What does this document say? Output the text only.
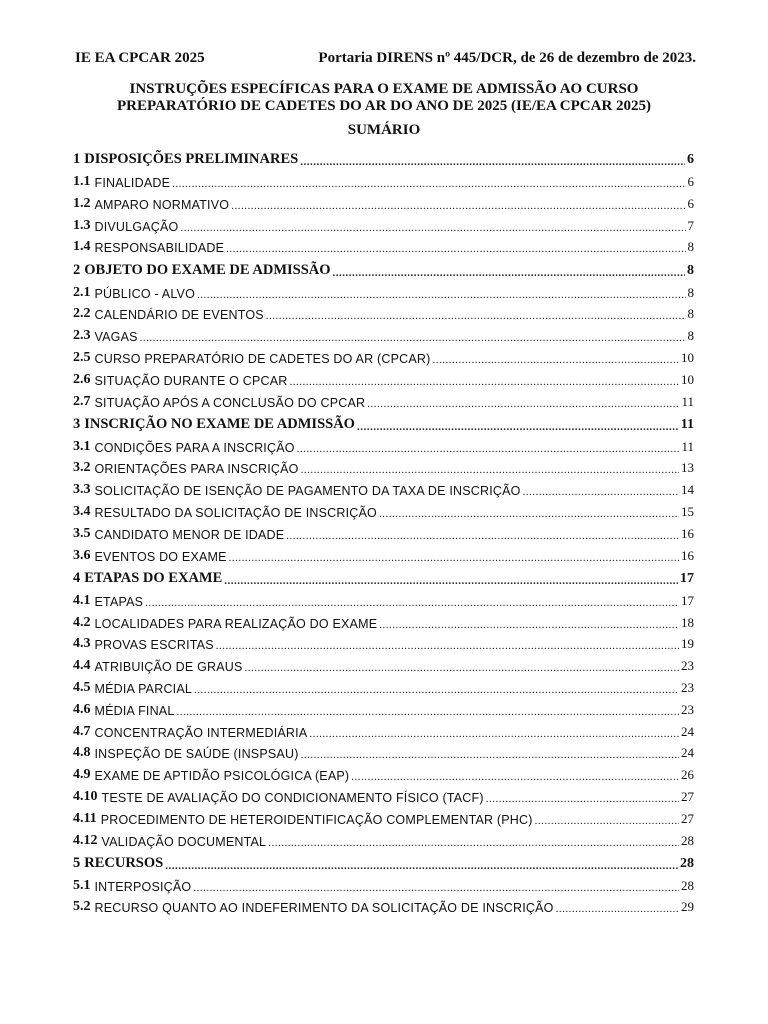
IE EA CPCAR 2025	Portaria DIRENS nº 445/DCR, de 26 de dezembro de 2023.
INSTRUÇÕES ESPECÍFICAS PARA O EXAME DE ADMISSÃO AO CURSO
PREPARATÓRIO DE CADETES DO AR DO ANO DE 2025 (IE/EA CPCAR 2025)
SUMÁRIO
1 DISPOSIÇÕES PRELIMINARES .....	6
1.1 FINALIDADE .....	6
1.2 AMPARO NORMATIVO .....	6
1.3 DIVULGAÇÃO .....	7
1.4 RESPONSABILIDADE .....	8
2 OBJETO DO EXAME DE ADMISSÃO .....	8
2.1 PÚBLICO - ALVO .....	8
2.2 CALENDÁRIO DE EVENTOS .....	8
2.3 VAGAS .....	8
2.5 CURSO PREPARATÓRIO DE CADETES DO AR (CPCAR) .....	10
2.6 SITUAÇÃO DURANTE O CPCAR .....	10
2.7 SITUAÇÃO APÓS A CONCLUSÃO DO CPCAR .....	11
3 INSCRIÇÃO NO EXAME DE ADMISSÃO .....	11
3.1 CONDIÇÕES PARA A INSCRIÇÃO .....	11
3.2 ORIENTAÇÕES PARA INSCRIÇÃO .....	13
3.3 SOLICITAÇÃO DE ISENÇÃO DE PAGAMENTO DA TAXA DE INSCRIÇÃO .....	14
3.4 RESULTADO DA SOLICITAÇÃO DE INSCRIÇÃO .....	15
3.5 CANDIDATO MENOR DE IDADE .....	16
3.6 EVENTOS DO EXAME .....	16
4 ETAPAS DO EXAME .....	17
4.1 ETAPAS .....	17
4.2 LOCALIDADES PARA REALIZAÇÃO DO EXAME .....	18
4.3 PROVAS ESCRITAS .....	19
4.4 ATRIBUIÇÃO DE GRAUS .....	23
4.5 MÉDIA PARCIAL .....	23
4.6 MÉDIA FINAL .....	23
4.7 CONCENTRAÇÃO INTERMEDIÁRIA .....	24
4.8 INSPEÇÃO DE SAÚDE (INSPSAU) .....	24
4.9 EXAME DE APTIDÃO PSICOLÓGICA (EAP) .....	26
4.10 TESTE DE AVALIAÇÃO DO CONDICIONAMENTO FÍSICO (TACF) .....	27
4.11 PROCEDIMENTO DE HETEROIDENTIFICAÇÃO COMPLEMENTAR (PHC) .....	27
4.12 VALIDAÇÃO DOCUMENTAL .....	28
5 RECURSOS .....	28
5.1 INTERPOSIÇÃO .....	28
5.2 RECURSO QUANTO AO INDEFERIMENTO DA SOLICITAÇÃO DE INSCRIÇÃO .....	29
